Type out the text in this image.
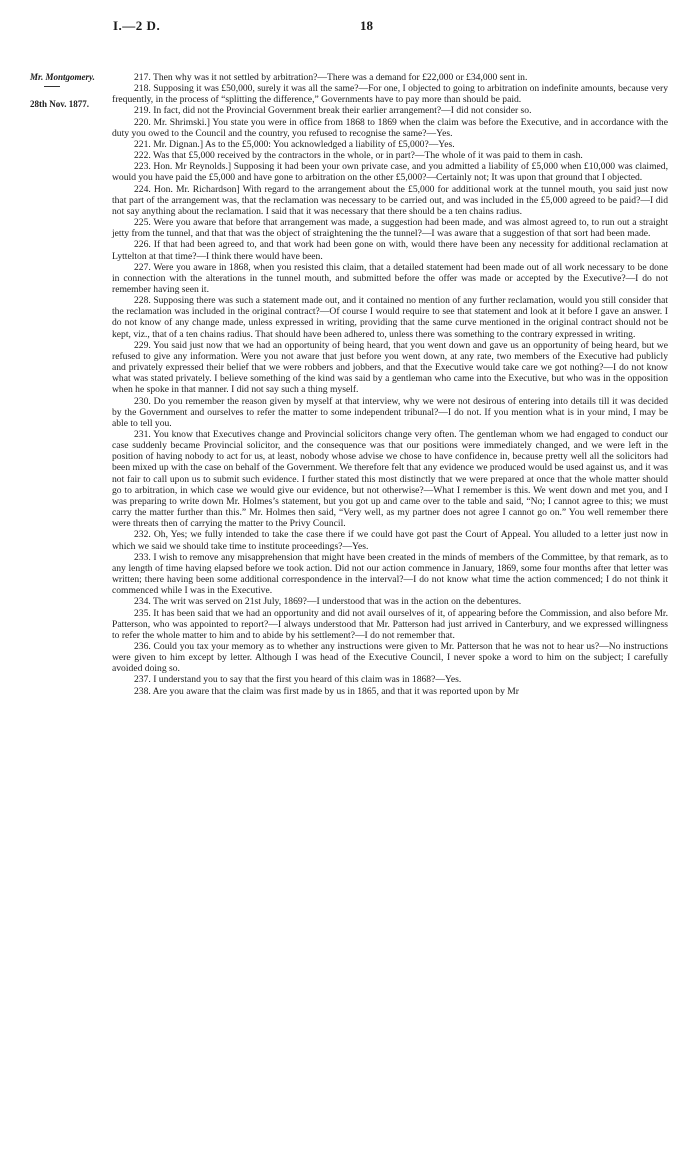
I.—2 D.	18
Mr. Montgomery.
28th Nov. 1877.

217. Then why was it not settled by arbitration?—There was a demand for £22,000 or £34,000 sent in.

218. Supposing it was £50,000, surely it was all the same?—For one, I objected to going to arbitration on indefinite amounts, because very frequently, in the process of “splitting the difference,” Governments have to pay more than should be paid.

219. In fact, did not the Provincial Government break their earlier arrangement?—I did not consider so.

220. Mr. Shrimski.] You state you were in office from 1868 to 1869 when the claim was before the Executive, and in accordance with the duty you owed to the Council and the country, you refused to recognise the same?—Yes.

221. Mr. Dignan.] As to the £5,000: You acknowledged a liability of £5,000?—Yes.

222. Was that £5,000 received by the contractors in the whole, or in part?—The whole of it was paid to them in cash.

223. Hon. Mr Reynolds.] Supposing it had been your own private case, and you admitted a liability of £5,000 when £10,000 was claimed, would you have paid the £5,000 and have gone to arbitration on the other £5,000?—Certainly not; It was upon that ground that I objected.

224. Hon. Mr. Richardson] With regard to the arrangement about the £5,000 for additional work at the tunnel mouth, you said just now that part of the arrangement was, that the reclamation was necessary to be carried out, and was included in the £5,000 agreed to be paid?—I did not say anything about the reclamation. I said that it was necessary that there should be a ten chains radius.

225. Were you aware that before that arrangement was made, a suggestion had been made, and was almost agreed to, to run out a straight jetty from the tunnel, and that that was the object of straightening the the tunnel?—I was aware that a suggestion of that sort had been made.

226. If that had been agreed to, and that work had been gone on with, would there have been any necessity for additional reclamation at Lyttelton at that time?—I think there would have been.

227. Were you aware in 1868, when you resisted this claim, that a detailed statement had been made out of all work necessary to be done in connection with the alterations in the tunnel mouth, and submitted before the offer was made or accepted by the Executive?—I do not remember having seen it.

228. Supposing there was such a statement made out, and it contained no mention of any further reclamation, would you still consider that the reclamation was included in the original contract?—Of course I would require to see that statement and look at it before I gave an answer. I do not know of any change made, unless expressed in writing, providing that the same curve mentioned in the original contract should not be kept, viz., that of a ten chains radius. That should have been adhered to, unless there was something to the contrary expressed in writing.

229. You said just now that we had an opportunity of being heard, that you went down and gave us an opportunity of being heard, but we refused to give any information. Were you not aware that just before you went down, at any rate, two members of the Executive had publicly and privately expressed their belief that we were robbers and jobbers, and that the Executive would take care we got nothing?—I do not know what was stated privately. I believe something of the kind was said by a gentleman who came into the Executive, but who was in the opposition when he spoke in that manner. I did not say such a thing myself.

230. Do you remember the reason given by myself at that interview, why we were not desirous of entering into details till it was decided by the Government and ourselves to refer the matter to some independent tribunal?—I do not. If you mention what is in your mind, I may be able to tell you.

231. You know that Executives change and Provincial solicitors change very often. The gentleman whom we had engaged to conduct our case suddenly became Provincial solicitor, and the consequence was that our positions were immediately changed, and we were left in the position of having nobody to act for us, at least, nobody whose advise we chose to have confidence in, because pretty well all the solicitors had been mixed up with the case on behalf of the Government. We therefore felt that any evidence we produced would be used against us, and it was not fair to call upon us to submit such evidence. I further stated this most distinctly that we were prepared at once that the whole matter should go to arbitration, in which case we would give our evidence, but not otherwise?—What I remember is this. We went down and met you, and I was preparing to write down Mr. Holmes’s statement, but you got up and came over to the table and said, “No; I cannot agree to this; we must carry the matter further than this.” Mr. Holmes then said, “Very well, as my partner does not agree I cannot go on.” You well remember there were threats then of carrying the matter to the Privy Council.

232. Oh, Yes; we fully intended to take the case there if we could have got past the Court of Appeal. You alluded to a letter just now in which we said we should take time to institute proceedings?—Yes.

233. I wish to remove any misapprehension that might have been created in the minds of members of the Committee, by that remark, as to any length of time having elapsed before we took action. Did not our action commence in January, 1869, some four months after that letter was written; there having been some additional correspondence in the interval?—I do not know what time the action commenced; I do not think it commenced while I was in the Executive.

234. The writ was served on 21st July, 1869?—I understood that was in the action on the debentures.

235. It has been said that we had an opportunity and did not avail ourselves of it, of appearing before the Commission, and also before Mr. Patterson, who was appointed to report?—I always understood that Mr. Patterson had just arrived in Canterbury, and we expressed willingness to refer the whole matter to him and to abide by his settlement?—I do not remember that.

236. Could you tax your memory as to whether any instructions were given to Mr. Patterson that he was not to hear us?—No instructions were given to him except by letter. Although I was head of the Executive Council, I never spoke a word to him on the subject; I carefully avoided doing so.

237. I understand you to say that the first you heard of this claim was in 1868?—Yes.

238. Are you aware that the claim was first made by us in 1865, and that it was reported upon by Mr
